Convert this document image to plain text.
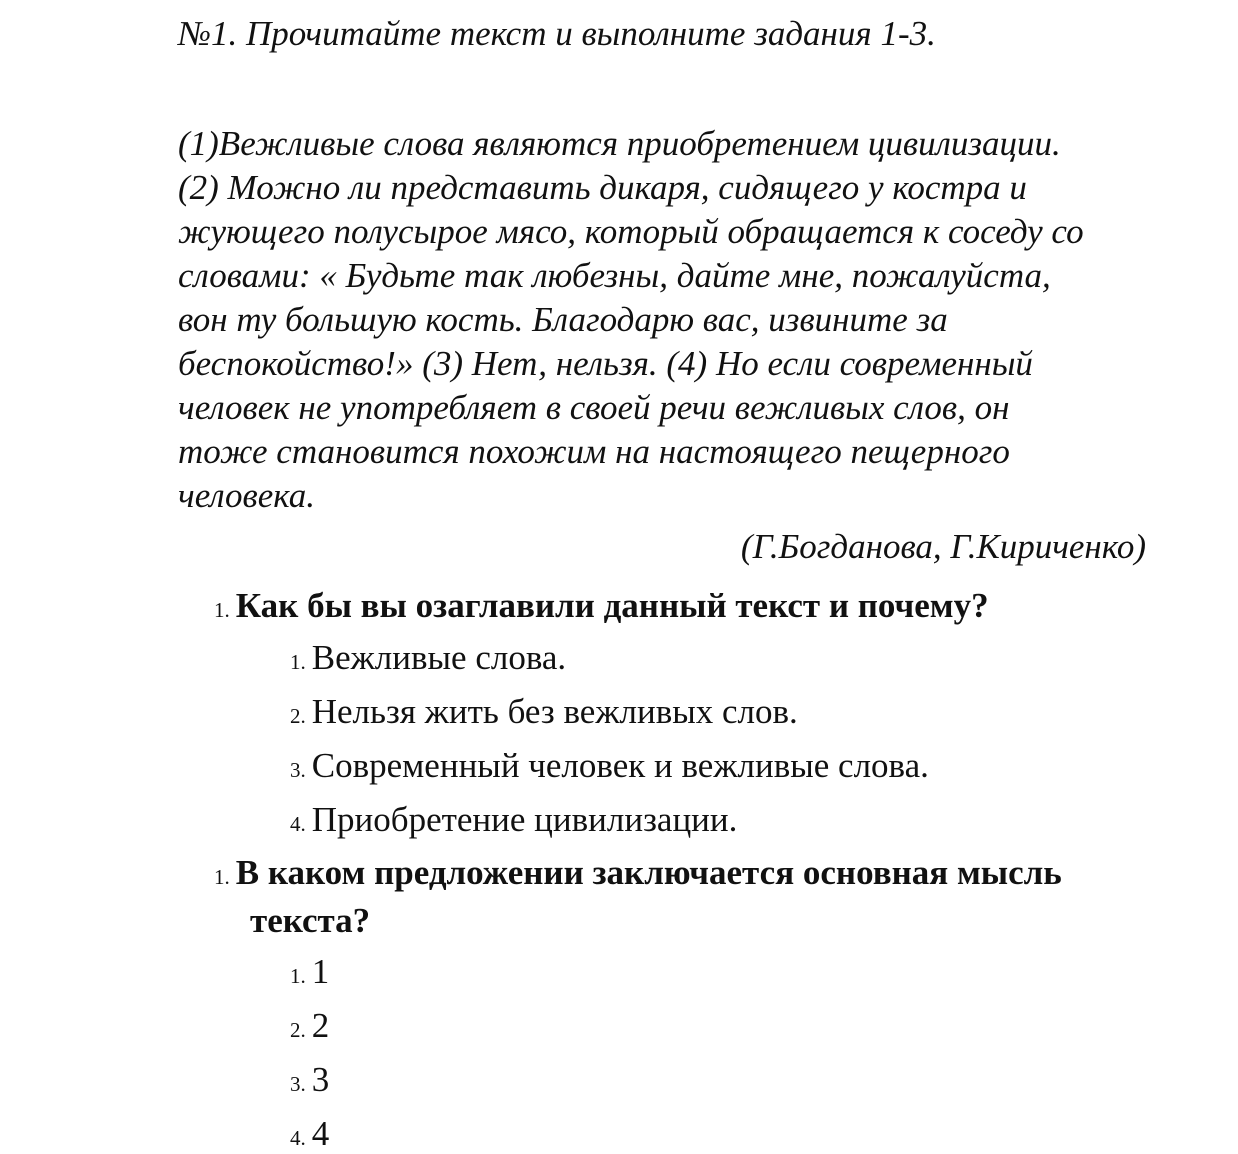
№1. Прочитайте текст и выполните задания 1-3.
(1)Вежливые слова являются приобретением цивилизации.
(2) Можно ли представить дикаря, сидящего у костра и
жующего полусырое мясо, который обращается к соседу со
словами: « Будьте так любезны, дайте мне, пожалуйста,
вон ту большую кость. Благодарю вас, извините за
беспокойство!» (3) Нет, нельзя. (4) Но если современный
человек не употребляет в своей речи вежливых слов, он
тоже становится похожим на настоящего пещерного
человека.
(Г.Богданова, Г.Кириченко)
1. Как бы вы озаглавили данный текст и почему?
1. Вежливые слова.
2. Нельзя жить без вежливых слов.
3. Современный человек и вежливые слова.
4. Приобретение цивилизации.
1. В каком предложении заключается основная мысль
текста?
1. 1
2. 2
3. 3
4. 4
